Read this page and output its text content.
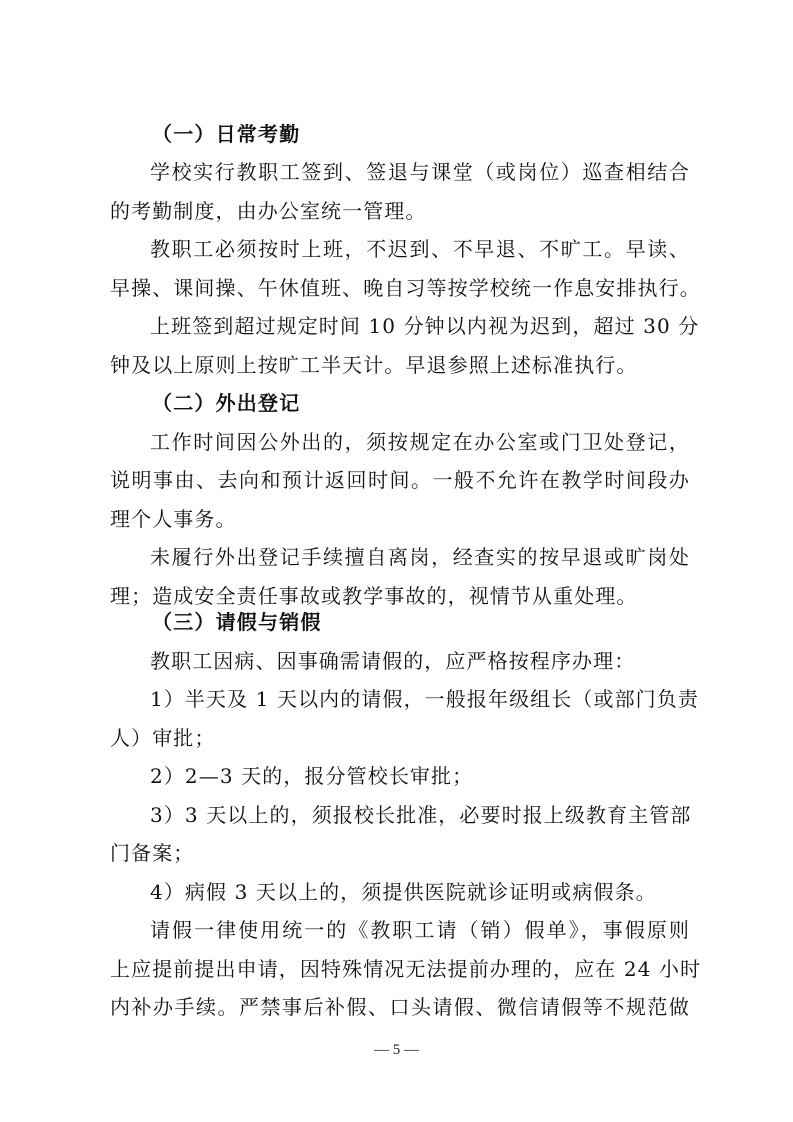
（一）日常考勤
学校实行教职工签到、签退与课堂（或岗位）巡查相结合
的考勤制度，由办公室统一管理。
教职工必须按时上班，不迟到、不早退、不旷工。早读、
早操、课间操、午休值班、晚自习等按学校统一作息安排执行。
上班签到超过规定时间 10 分钟以内视为迟到，超过 30 分
钟及以上原则上按旷工半天计。早退参照上述标准执行。
（二）外出登记
工作时间因公外出的，须按规定在办公室或门卫处登记，
说明事由、去向和预计返回时间。一般不允许在教学时间段办
理个人事务。
未履行外出登记手续擅自离岗，经查实的按早退或旷岗处
理；造成安全责任事故或教学事故的，视情节从重处理。
（三）请假与销假
教职工因病、因事确需请假的，应严格按程序办理：
1）半天及 1 天以内的请假，一般报年级组长（或部门负责
人）审批；
2）2—3 天的，报分管校长审批；
3）3 天以上的，须报校长批准，必要时报上级教育主管部
门备案；
4）病假 3 天以上的，须提供医院就诊证明或病假条。
请假一律使用统一的《教职工请（销）假单》，事假原则
上应提前提出申请，因特殊情况无法提前办理的，应在 24 小时
内补办手续。严禁事后补假、口头请假、微信请假等不规范做
— 5 —
